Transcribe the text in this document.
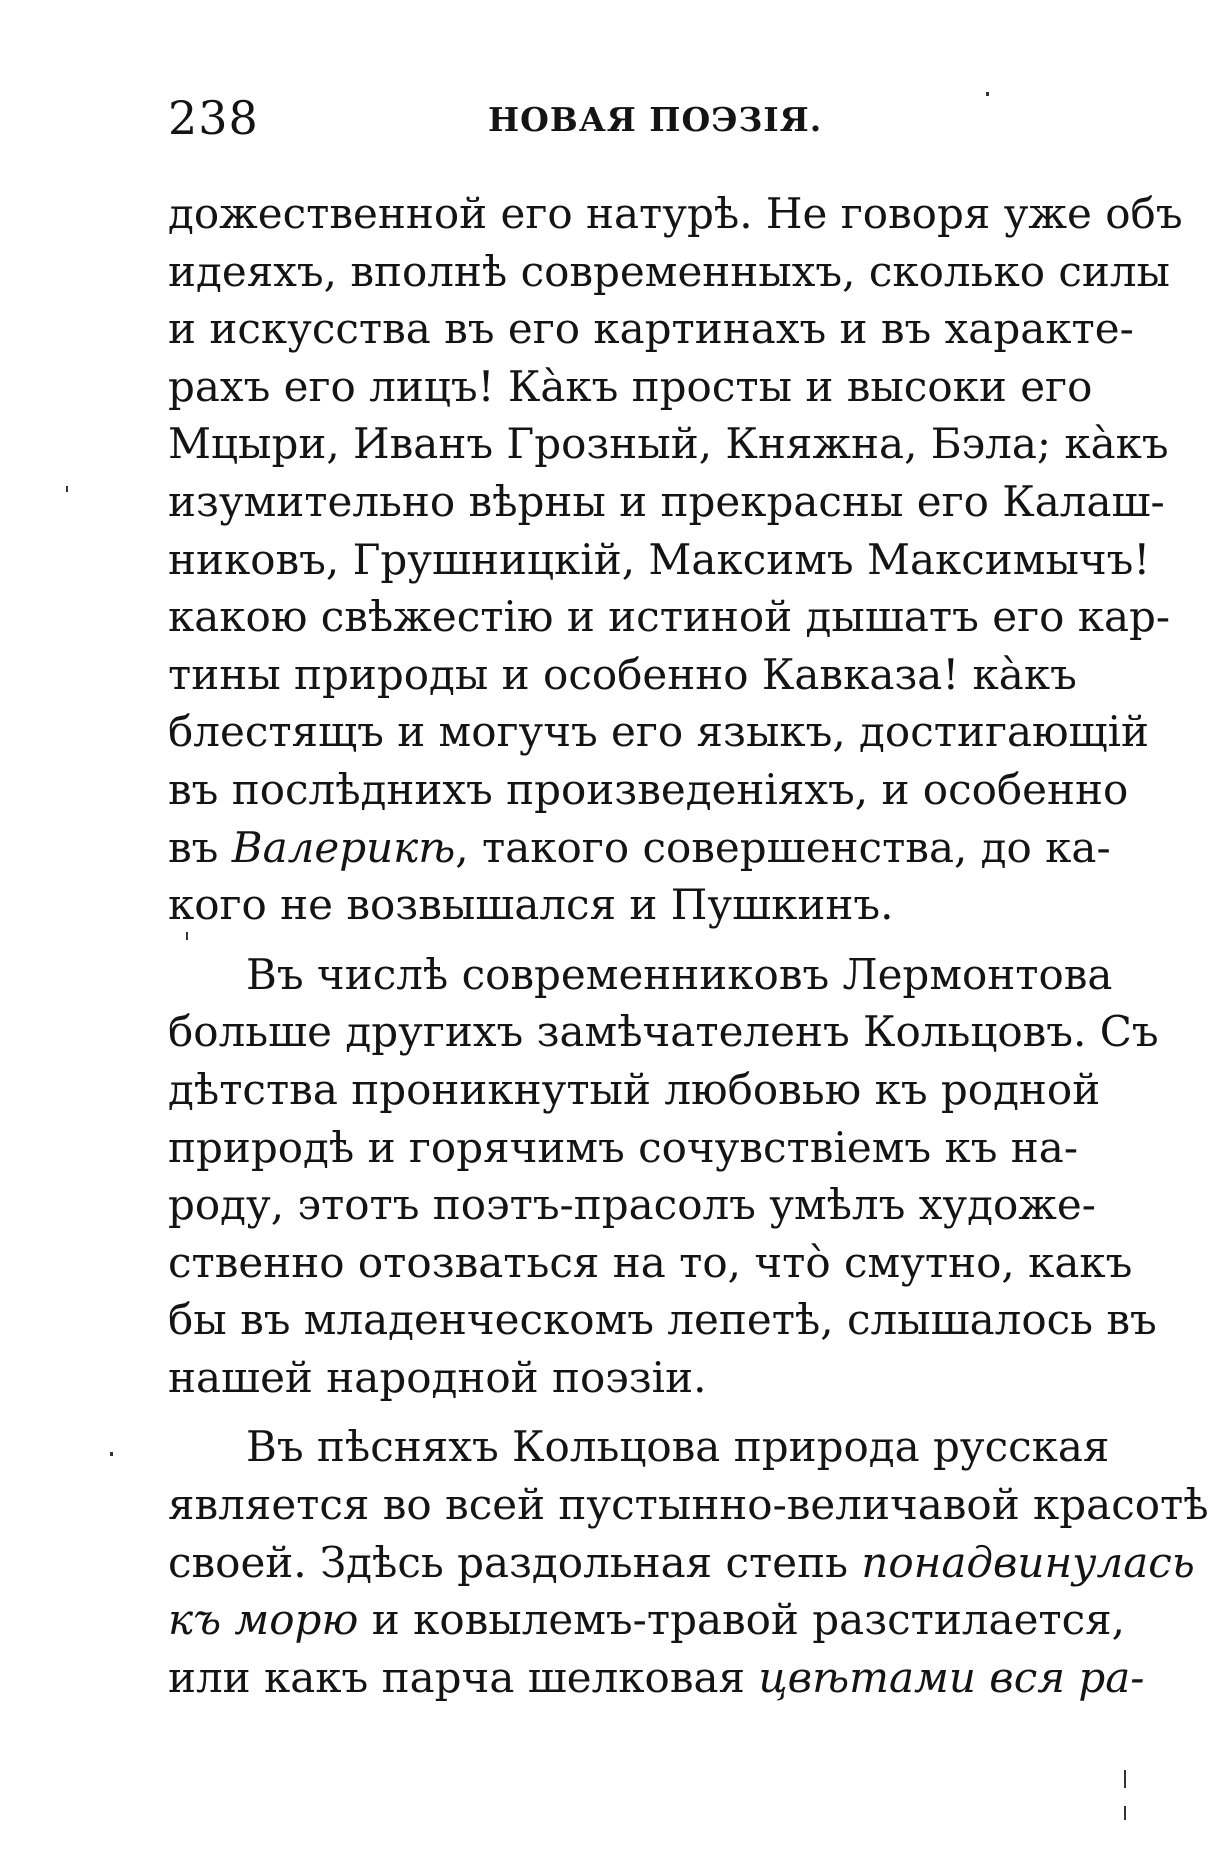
238	НОВАЯ ПОЭЗІЯ.
дожественной его натурѣ. Не говоря уже объ
идеяхъ, вполнѣ современныхъ, сколько силы
и искусства въ его картинахъ и въ характе-
рахъ его лицъ! Ка̀къ просты и высоки его
Мцыри, Иванъ Грозный, Княжна, Бэла; ка̀къ
изумительно вѣрны и прекрасны его Калаш-
никовъ, Грушницкій, Максимъ Максимычъ!
какою свѣжестію и истиной дышатъ его кар-
тины природы и особенно Кавказа! ка̀къ
блестящъ и могучъ его языкъ, достигающій
въ послѣднихъ произведеніяхъ, и особенно
въ Валерикѣ, такого совершенства, до ка-
кого не возвышался и Пушкинъ.
Въ числѣ современниковъ Лермонтова
больше другихъ замѣчателенъ Кольцовъ. Съ
дѣтства проникнутый любовью къ родной
природѣ и горячимъ сочувствіемъ къ на-
роду, этотъ поэтъ-прасолъ умѣлъ художе-
ственно отозваться на то, что̀ смутно, какъ
бы въ младенческомъ лепетѣ, слышалось въ
нашей народной поэзіи.
Въ пѣсняхъ Кольцова природа русская
является во всей пустынно-величавой красотѣ
своей. Здѣсь раздольная степь понадвинулась
къ морю и ковылемъ-травой разстилается,
или какъ парча шелковая цвѣтами вся ра-
